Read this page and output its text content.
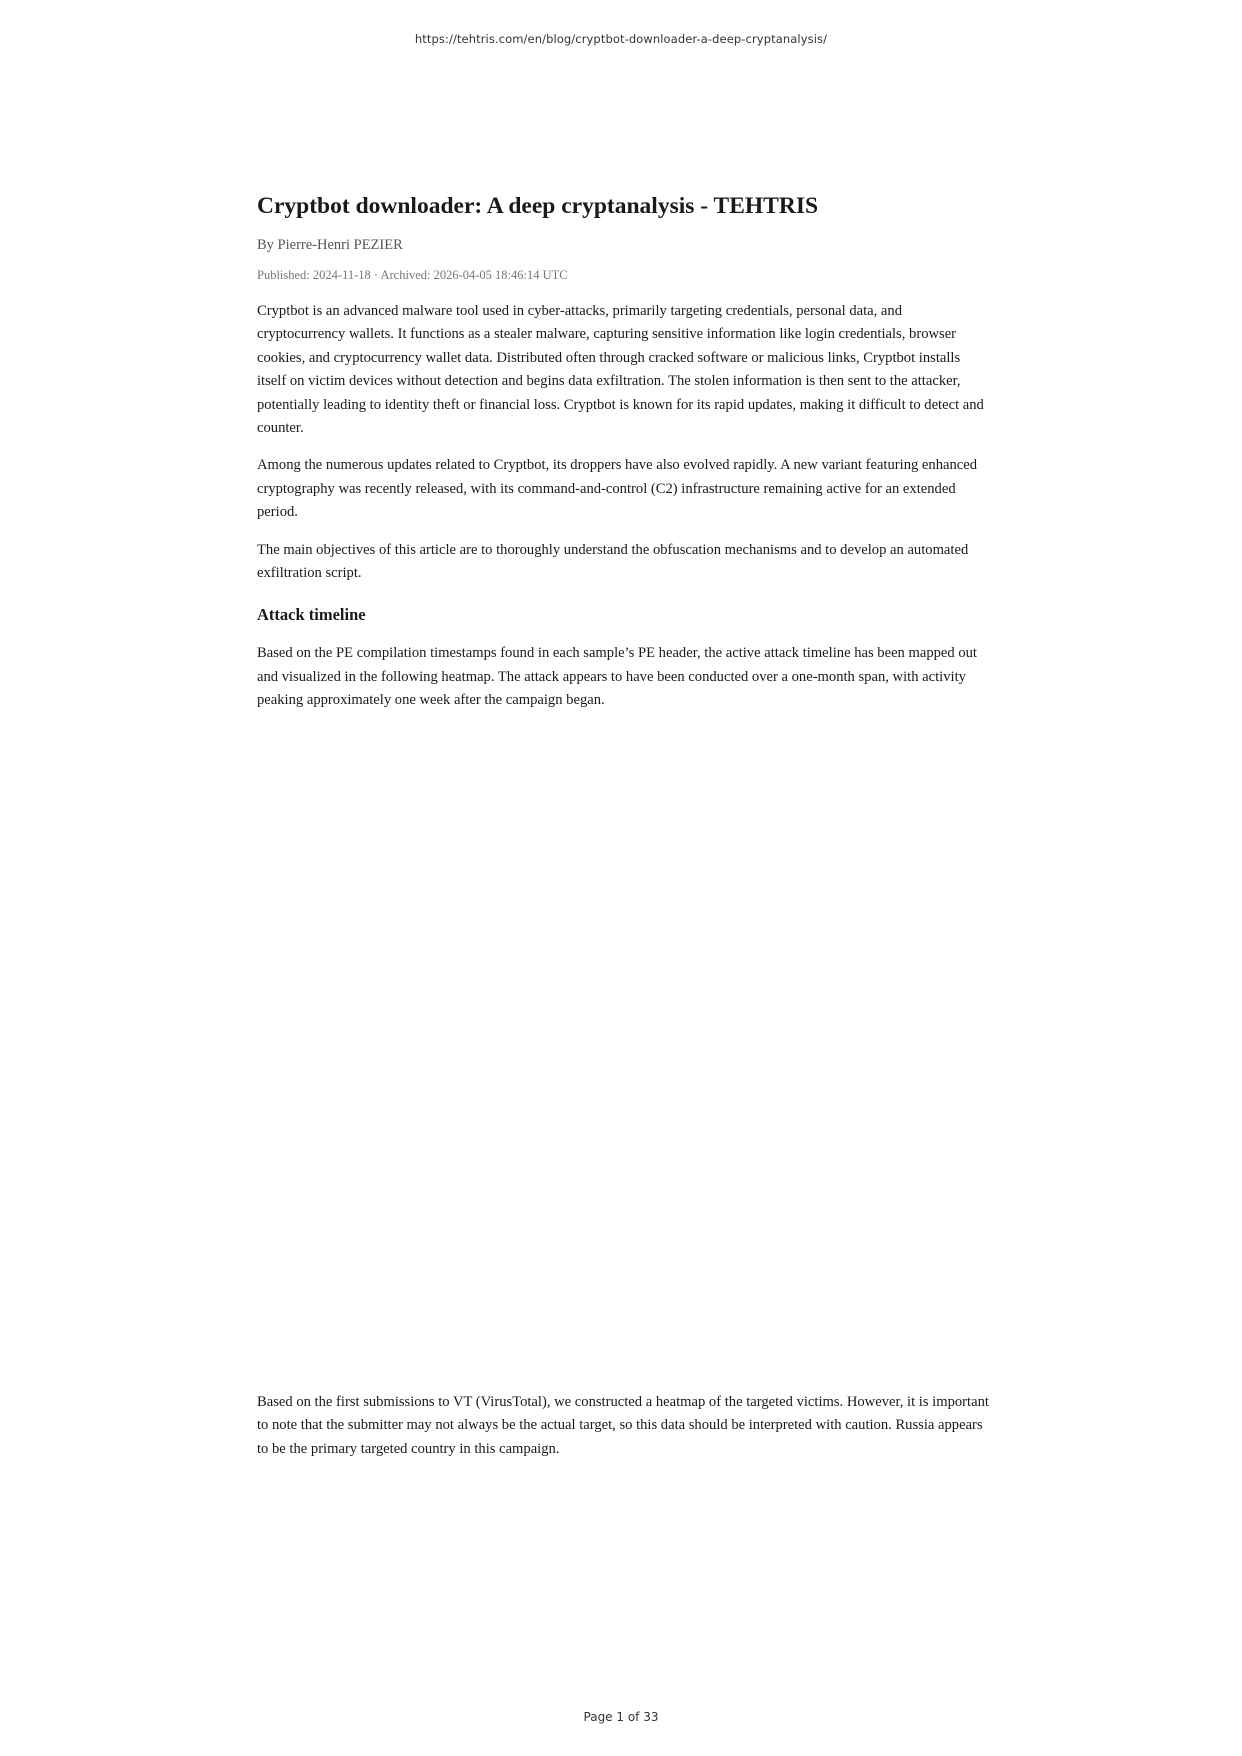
https://tehtris.com/en/blog/cryptbot-downloader-a-deep-cryptanalysis/
Cryptbot downloader: A deep cryptanalysis - TEHTRIS
By Pierre-Henri PEZIER
Published: 2024-11-18 · Archived: 2026-04-05 18:46:14 UTC

Cryptbot is an advanced malware tool used in cyber-attacks, primarily targeting credentials, personal data, and cryptocurrency wallets. It functions as a stealer malware, capturing sensitive information like login credentials, browser cookies, and cryptocurrency wallet data. Distributed often through cracked software or malicious links, Cryptbot installs itself on victim devices without detection and begins data exfiltration. The stolen information is then sent to the attacker, potentially leading to identity theft or financial loss. Cryptbot is known for its rapid updates, making it difficult to detect and counter.

Among the numerous updates related to Cryptbot, its droppers have also evolved rapidly. A new variant featuring enhanced cryptography was recently released, with its command-and-control (C2) infrastructure remaining active for an extended period.

The main objectives of this article are to thoroughly understand the obfuscation mechanisms and to develop an automated exfiltration script.

Attack timeline

Based on the PE compilation timestamps found in each sample’s PE header, the active attack timeline has been mapped out and visualized in the following heatmap. The attack appears to have been conducted over a one-month span, with activity peaking approximately one week after the campaign began.

Based on the first submissions to VT (VirusTotal), we constructed a heatmap of the targeted victims. However, it is important to note that the submitter may not always be the actual target, so this data should be interpreted with caution. Russia appears to be the primary targeted country in this campaign.

Page 1 of 33
